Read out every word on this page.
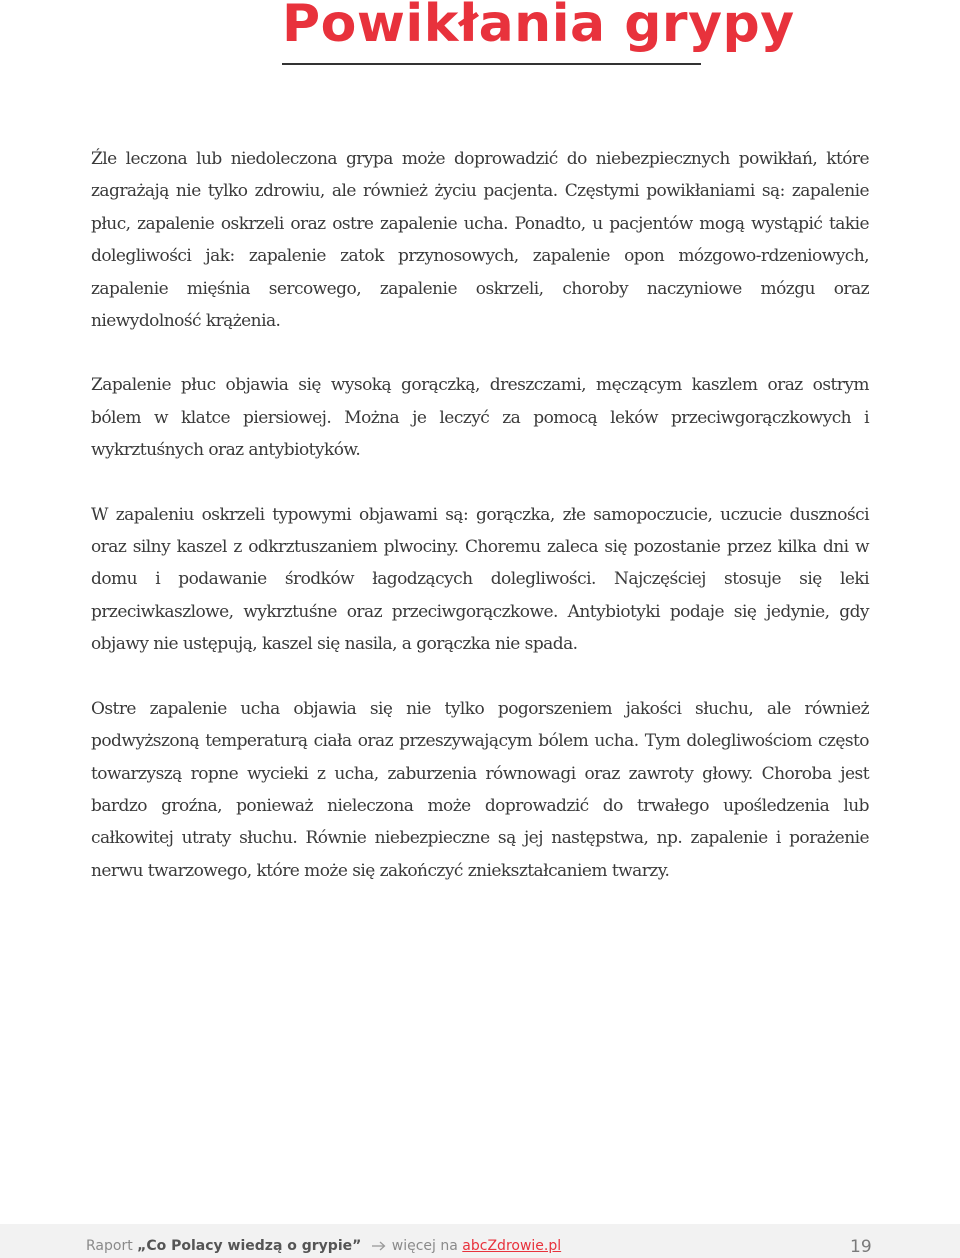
Powikłania grypy

Źle leczona lub niedoleczona grypa może doprowadzić do niebezpiecznych powikłań, które zagrażają nie tylko zdrowiu, ale również życiu pacjenta. Częstymi powikłaniami są: zapalenie płuc, zapalenie oskrzeli oraz ostre zapalenie ucha. Ponadto, u pacjentów mogą wystąpić takie dolegliwości jak: zapalenie zatok przynosowych, zapalenie opon mózgowo-rdzeniowych, zapalenie mięśnia sercowego, zapalenie oskrzeli, choroby naczyniowe mózgu oraz niewydolność krążenia.

Zapalenie płuc objawia się wysoką gorączką, dreszczami, męczącym kaszlem oraz ostrym bólem w klatce piersiowej. Można je leczyć za pomocą leków przeciwgorączkowych i wykrztuśnych oraz antybiotyków.

W zapaleniu oskrzeli typowymi objawami są: gorączka, złe samopoczucie, uczucie duszności oraz silny kaszel z odkrztuszaniem plwociny. Choremu zaleca się pozostanie przez kilka dni w domu i podawanie środków łagodzących dolegliwości. Najczęściej stosuje się leki przeciwkaszlowe, wykrztuśne oraz przeciwgorączkowe. Antybiotyki podaje się jedynie, gdy objawy nie ustępują, kaszel się nasila, a gorączka nie spada.

Ostre zapalenie ucha objawia się nie tylko pogorszeniem jakości słuchu, ale również podwyższoną temperaturą ciała oraz przeszywającym bólem ucha. Tym dolegliwościom często towarzyszą ropne wycieki z ucha, zaburzenia równowagi oraz zawroty głowy. Choroba jest bardzo groźna, ponieważ nieleczona może doprowadzić do trwałego upośledzenia lub całkowitej utraty słuchu. Równie niebezpieczne są jej następstwa, np. zapalenie i porażenie nerwu twarzowego, które może się zakończyć zniekształcaniem twarzy.

Raport „Co Polacy wiedzą o grypie” więcej na abcZdrowie.pl	19
